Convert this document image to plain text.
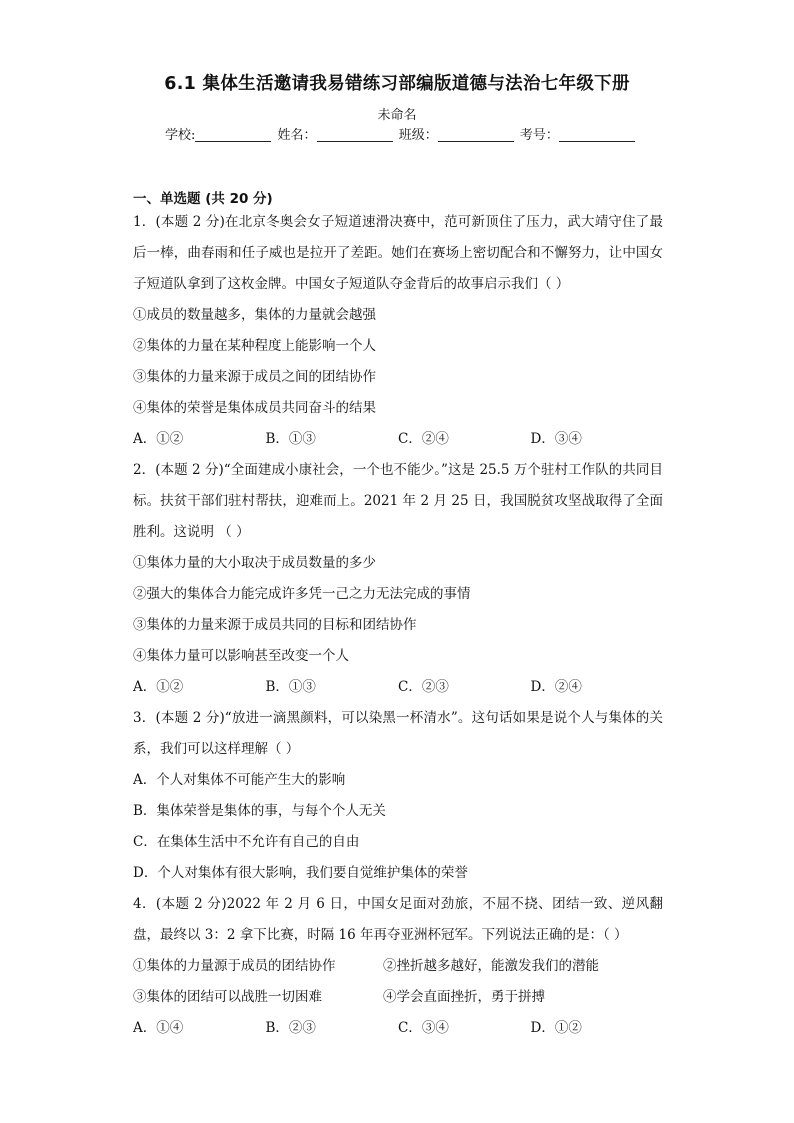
6.1 集体生活邀请我易错练习部编版道德与法治七年级下册
未命名
学校:	姓名：	班级：	考号：
一、单选题 (共 20 分)
1．(本题 2 分)在北京冬奥会女子短道速滑决赛中，范可新顶住了压力，武大靖守住了最后一棒，曲春雨和任子威也是拉开了差距。她们在赛场上密切配合和不懈努力，让中国女子短道队拿到了这枚金牌。中国女子短道队夺金背后的故事启示我们（ ）
①成员的数量越多，集体的力量就会越强
②集体的力量在某种程度上能影响一个人
③集体的力量来源于成员之间的团结协作
④集体的荣誉是集体成员共同奋斗的结果
A．①②	B．①③	C．②④	D．③④
2．(本题 2 分)“全面建成小康社会，一个也不能少。”这是 25.5 万个驻村工作队的共同目标。扶贫干部们驻村帮扶，迎难而上。2021 年 2 月 25 日，我国脱贫攻坚战取得了全面胜利。这说明 （ ）
①集体力量的大小取决于成员数量的多少
②强大的集体合力能完成许多凭一己之力无法完成的事情
③集体的力量来源于成员共同的目标和团结协作
④集体力量可以影响甚至改变一个人
A．①②	B．①③	C．②③	D．②④
3．(本题 2 分)“放进一滴黑颜料，可以染黑一杯清水”。这句话如果是说个人与集体的关系，我们可以这样理解（ ）
A．个人对集体不可能产生大的影响
B．集体荣誉是集体的事，与每个个人无关
C．在集体生活中不允许有自己的自由
D．个人对集体有很大影响，我们要自觉维护集体的荣誉
4．(本题 2 分)2022 年 2 月 6 日，中国女足面对劲旅，不屈不挠、团结一致、逆风翻盘，最终以 3：2 拿下比赛，时隔 16 年再夺亚洲杯冠军。下列说法正确的是：（ ）
①集体的力量源于成员的团结协作	②挫折越多越好，能激发我们的潜能
③集体的团结可以战胜一切困难	④学会直面挫折，勇于拼搏
A．①④	B．②③	C．③④	D．①②
